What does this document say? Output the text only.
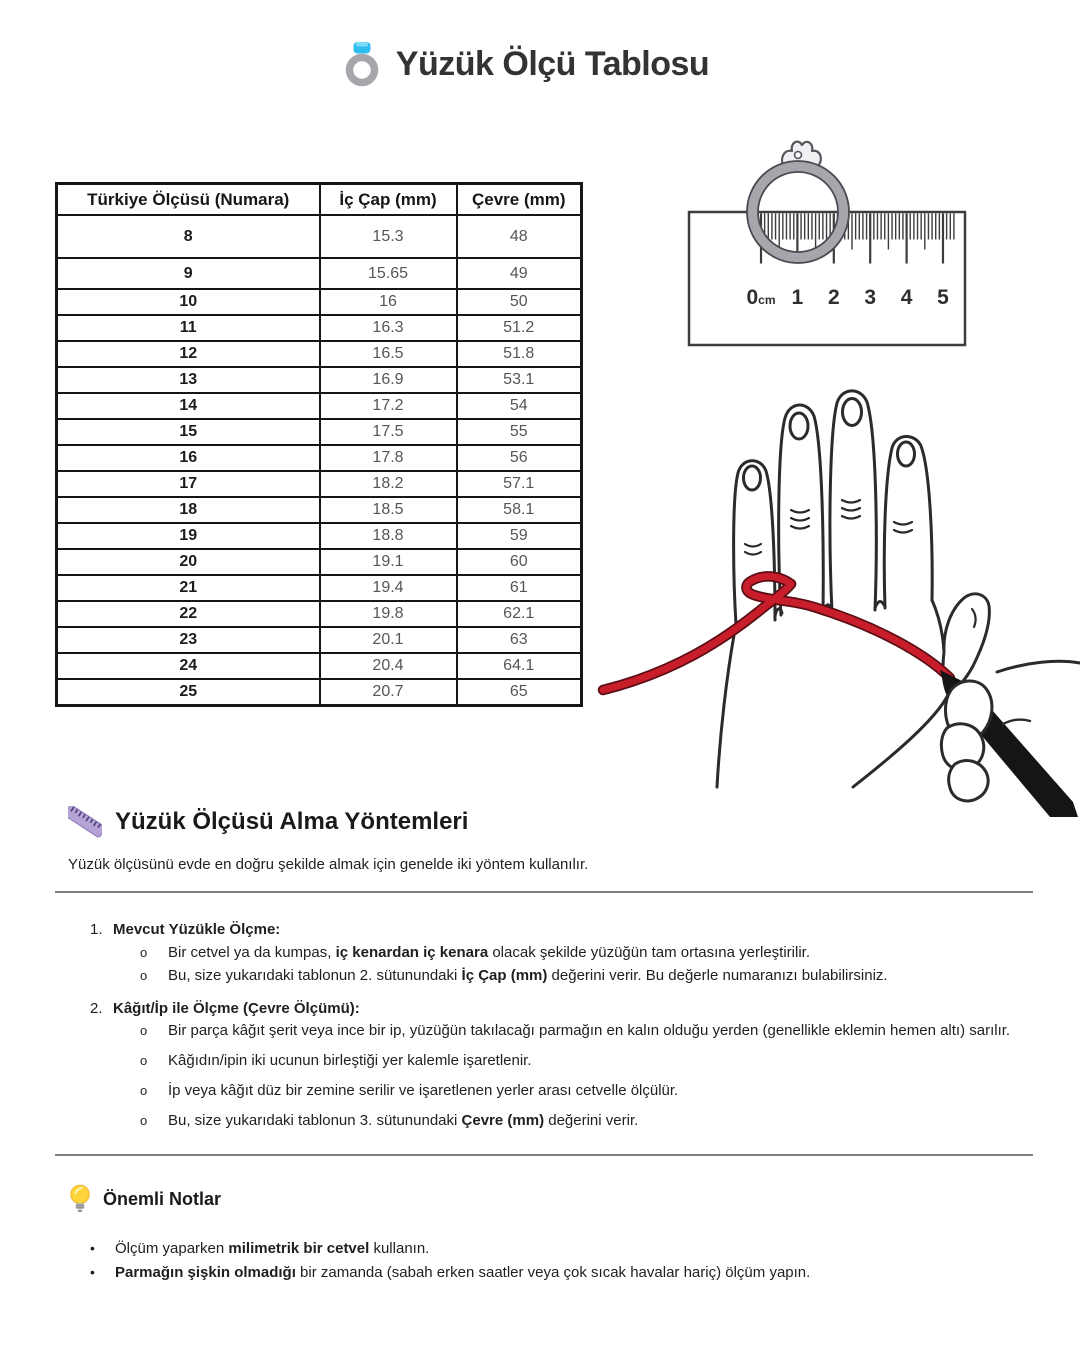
Yüzük Ölçü Tablosu
Türkiye Ölçüsü (Numara)	İç Çap (mm)	Çevre (mm)
8	15.3	48
9	15.65	49
10	16	50
11	16.3	51.2
12	16.5	51.8
13	16.9	53.1
14	17.2	54
15	17.5	55
16	17.8	56
17	18.2	57.1
18	18.5	58.1
19	18.8	59
20	19.1	60
21	19.4	61
22	19.8	62.1
23	20.1	63
24	20.4	64.1
25	20.7	65
0cm 1 2 3 4 5
Yüzük Ölçüsü Alma Yöntemleri

Yüzük ölçüsünü evde en doğru şekilde almak için genelde iki yöntem kullanılır.

1. Mevcut Yüzükle Ölçme:
o	Bir cetvel ya da kumpas, iç kenardan iç kenara olacak şekilde yüzüğün tam ortasına yerleştirilir.
o	Bu, size yukarıdaki tablonun 2. sütunundaki İç Çap (mm) değerini verir. Bu değerle numaranızı bulabilirsiniz.
2. Kâğıt/İp ile Ölçme (Çevre Ölçümü):
o	Bir parça kâğıt şerit veya ince bir ip, yüzüğün takılacağı parmağın en kalın olduğu yerden (genellikle eklemin hemen altı) sarılır.
o	Kâğıdın/ipin iki ucunun birleştiği yer kalemle işaretlenir.
o	İp veya kâğıt düz bir zemine serilir ve işaretlenen yerler arası cetvelle ölçülür.
o	Bu, size yukarıdaki tablonun 3. sütunundaki Çevre (mm) değerini verir.
Önemli Notlar
•	Ölçüm yaparken milimetrik bir cetvel kullanın.
•	Parmağın şişkin olmadığı bir zamanda (sabah erken saatler veya çok sıcak havalar hariç) ölçüm yapın.
